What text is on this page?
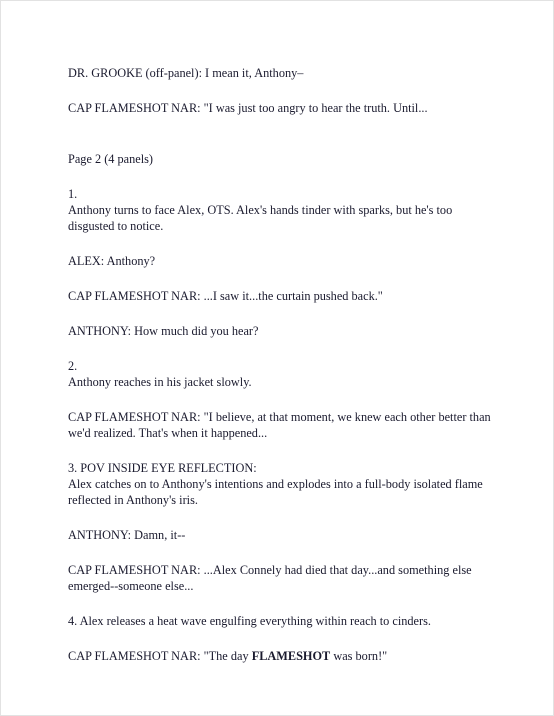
DR. GROOKE (off-panel): I mean it, Anthony–

CAP FLAMESHOT NAR: "I was just too angry to hear the truth. Until...

Page 2 (4 panels)

1.

Anthony turns to face Alex, OTS. Alex's hands tinder with sparks, but he's too disgusted to notice.

ALEX: Anthony?

CAP FLAMESHOT NAR: ...I saw it...the curtain pushed back."

ANTHONY: How much did you hear?

2.

Anthony reaches in his jacket slowly.

CAP FLAMESHOT NAR: "I believe, at that moment, we knew each other better than we'd realized. That's when it happened...

3. POV INSIDE EYE REFLECTION:

Alex catches on to Anthony's intentions and explodes into a full-body isolated flame reflected in Anthony's iris.

ANTHONY: Damn, it--

CAP FLAMESHOT NAR: ...Alex Connely had died that day...and something else emerged--someone else...

4. Alex releases a heat wave engulfing everything within reach to cinders.

CAP FLAMESHOT NAR: "The day FLAMESHOT was born!"
